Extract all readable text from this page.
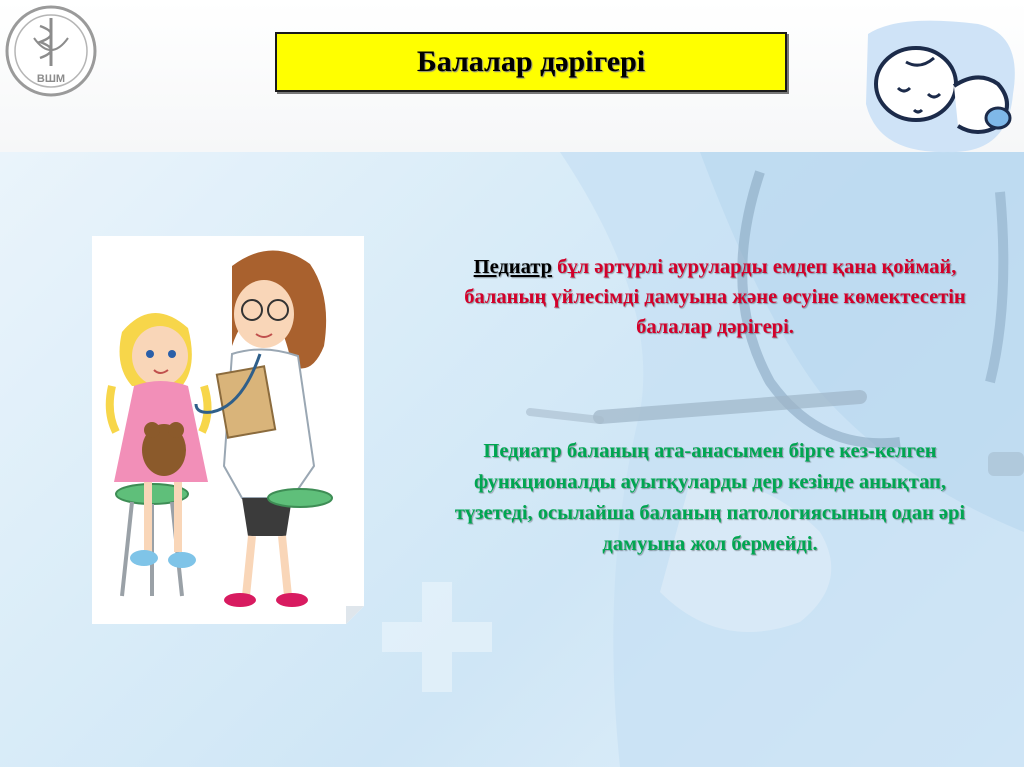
ВШМ
Балалар дәрігері
Педиатр бұл әртүрлі ауруларды емдеп қана қоймай, баланың үйлесімді дамуына және өсуіне көмектесетін балалар дәрігері.
Педиатр баланың ата-анасымен бірге кез-келген функционалды ауытқуларды дер кезінде анықтап, түзетеді, осылайша баланың патологиясының одан әрі дамуына жол бермейді.
